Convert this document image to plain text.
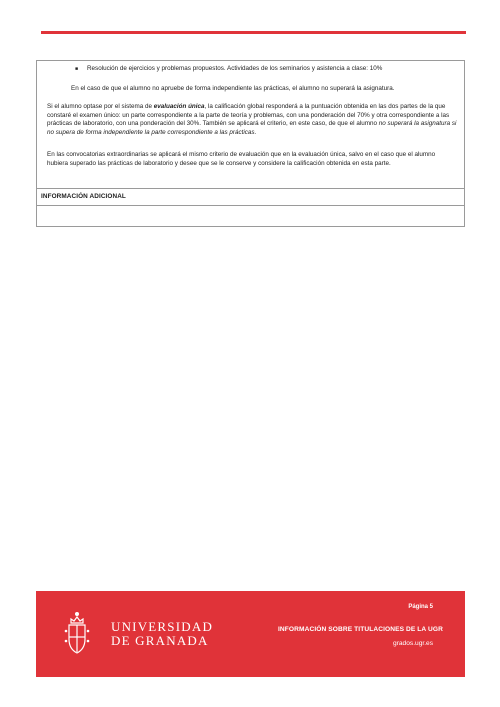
■ Resolución de ejercicios y problemas propuestos. Actividades de los seminarios y asistencia a clase: 10%
En el caso de que el alumno no apruebe de forma independiente las prácticas, el alumno no superará la asignatura.
Si el alumno optase por el sistema de evaluación única, la calificación global responderá a la puntuación obtenida en las dos partes de la que constaré el examen único: un parte correspondiente a la parte de teoría y problemas, con una ponderación del 70% y otra correspondiente a las prácticas de laboratorio, con una ponderación del 30%. También se aplicará el criterio, en este caso, de que el alumno no superará la asignatura si no supera de forma independiente la parte correspondiente a las prácticas.
En las convocatorias extraordinarias se aplicará el mismo criterio de evaluación que en la evaluación única, salvo en el caso que el alumno hubiera superado las prácticas de laboratorio y desee que se le conserve y considere la calificación obtenida en esta parte.
INFORMACIÓN ADICIONAL
UNIVERSIDAD
DE GRANADA
Página 5
INFORMACIÓN SOBRE TITULACIONES DE LA UGR
grados.ugr.es
